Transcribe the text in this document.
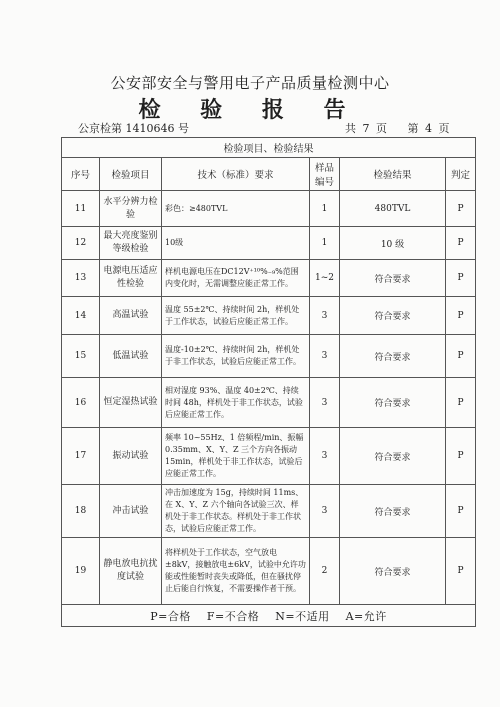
公安部安全与警用电子产品质量检测中心
检 验 报 告
公京检第 1410646 号	共 7 页 第 4 页
检验项目、检验结果					
序号	检验项目	技术（标准）要求	样品编号	检验结果	判定
11	水平分辨力检验	彩色：≥480TVL	1	480TVL	P
12	最大亮度鉴别等级检验	10级	1	10 级	P
13	电源电压适应性检验	样机电源电压在DC12V⁺¹⁰%₋₉%范围内变化时，无需调整应能正常工作。	1~2	符合要求	P
14	高温试验	温度 55±2℃、持续时间 2h，样机处于工作状态，试验后应能正常工作。	3	符合要求	P
15	低温试验	温度-10±2℃、持续时间 2h，样机处于非工作状态，试验后应能正常工作。	3	符合要求	P
16	恒定湿热试验	相对湿度 93%、温度 40±2℃、持续时间 48h，样机处于非工作状态，试验后应能正常工作。	3	符合要求	P
17	振动试验	频率 10~55Hz、1 倍频程/min、振幅0.35mm、X、Y、Z 三个方向各振动15min，样机处于非工作状态，试验后应能正常工作。	3	符合要求	P
18	冲击试验	冲击加速度为 15g，持续时间 11ms、在 X、Y、Z 六个轴向各试验三次、样机处于非工作状态。样机处于非工作状态，试验后应能正常工作。	3	符合要求	P
19	静电放电抗扰度试验	将样机处于工作状态，空气放电±8kV，接触放电±6kV，试验中允许功能或性能暂时丧失或降低，但在骚扰停止后能自行恢复，不需要操作者干预。	2	符合要求	P
P=合格 F=不合格 N=不适用 A=允许					
